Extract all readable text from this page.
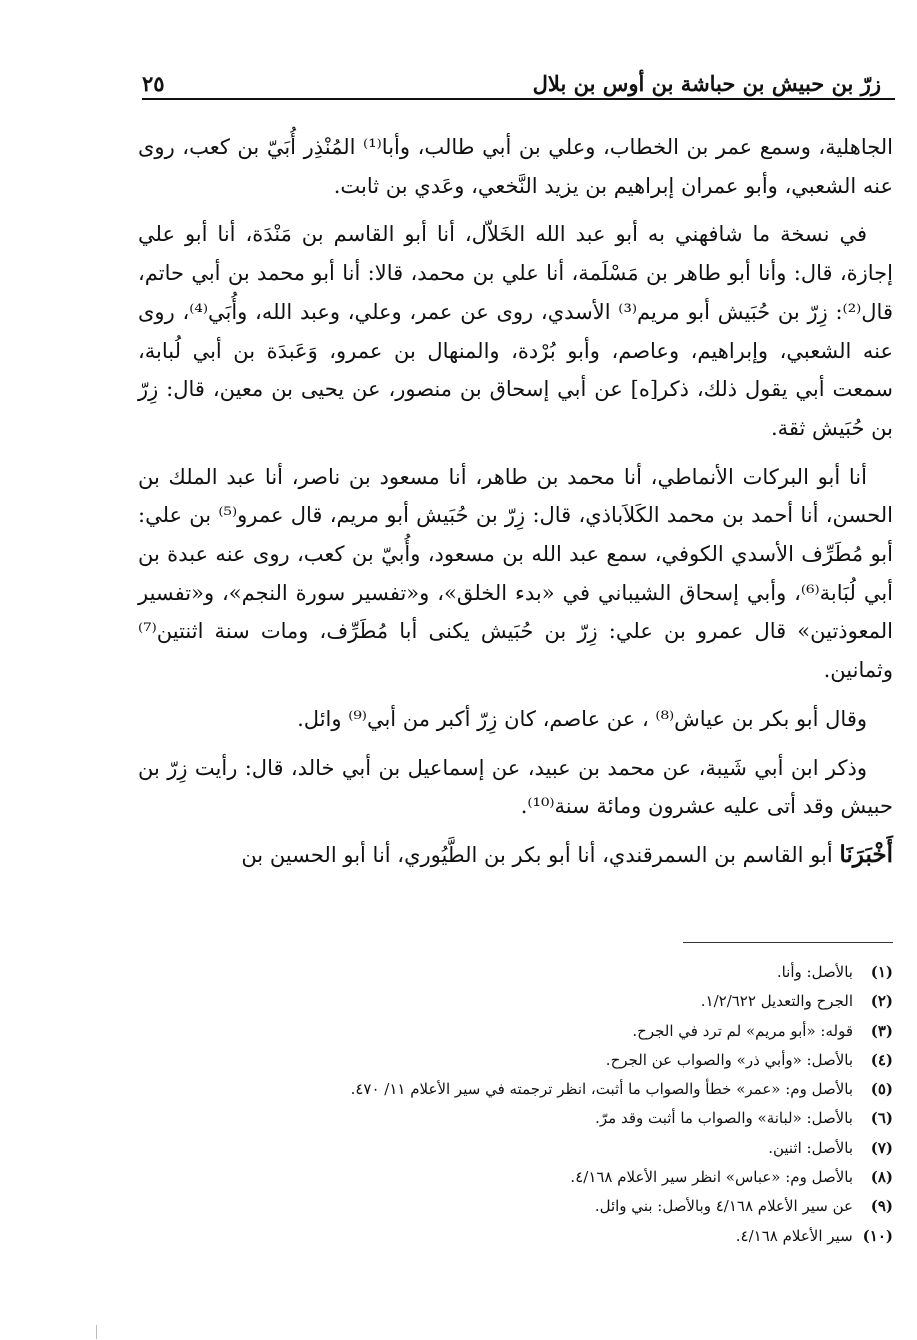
زرّ بن حبيش بن حباشة بن أوس بن بلال
٢٥

الجاهلية، وسمع عمر بن الخطاب، وعلي بن أبي طالب، وأبا⁽¹⁾ المُنْذِر أُبَيّ بن كعب، روى عنه الشعبي، وأبو عمران إبراهيم بن يزيد النَّخعي، وعَدي بن ثابت.

في نسخة ما شافهني به أبو عبد الله الخَلاّل، أنا أبو القاسم بن مَنْدَة، أنا أبو علي إجازة، قال: وأنا أبو طاهر بن مَسْلَمة، أنا علي بن محمد، قالا: أنا أبو محمد بن أبي حاتم، قال⁽²⁾: زِرّ بن حُبَيش أبو مريم⁽³⁾ الأسدي، روى عن عمر، وعلي، وعبد الله، وأُبَي⁽⁴⁾، روى عنه الشعبي، وإبراهيم، وعاصم، وأبو بُرْدة، والمنهال بن عمرو، وَعَبدَة بن أبي لُبابة، سمعت أبي يقول ذلك، ذكر[ه] عن أبي إسحاق بن منصور، عن يحيى بن معين، قال: زِرّ بن حُبَيش ثقة.

أنا أبو البركات الأنماطي، أنا محمد بن طاهر، أنا مسعود بن ناصر، أنا عبد الملك بن الحسن، أنا أحمد بن محمد الكَلاَباذي، قال: زِرّ بن حُبَيش أبو مريم، قال عمرو⁽⁵⁾ بن علي: أبو مُطَرِّف الأسدي الكوفي، سمع عبد الله بن مسعود، وأُبيّ بن كعب، روى عنه عبدة بن أبي لُبَابة⁽⁶⁾، وأبي إسحاق الشيباني في «بدء الخلق»، و«تفسير سورة النجم»، و«تفسير المعوذتين» قال عمرو بن علي: زِرّ بن حُبَيش يكنى أبا مُطَرِّف، ومات سنة اثنتين⁽⁷⁾ وثمانين.

وقال أبو بكر بن عياش⁽⁸⁾ ، عن عاصم، كان زِرّ أكبر من أبي⁽⁹⁾ وائل.

وذكر ابن أبي شَيبة، عن محمد بن عبيد، عن إسماعيل بن أبي خالد، قال: رأيت زِرّ بن حبيش وقد أتى عليه عشرون ومائة سنة⁽¹⁰⁾.

أَخْبَرَنَا أبو القاسم بن السمرقندي، أنا أبو بكر بن الطَّيُوري، أنا أبو الحسين بن

(١)
بالأصل: وأنا.
(٢)
الجرح والتعديل ١/٢/٦٢٢.
(٣)
قوله: «أبو مريم» لم ترد في الجرح.
(٤)
بالأصل: «وأبي ذر» والصواب عن الجرح.
(٥)
بالأصل وم: «عمر» خطأ والصواب ما أثبت، انظر ترجمته في سير الأعلام ١١/ ٤٧٠.
(٦)
بالأصل: «لبانة» والصواب ما أثبت وقد مرّ.
(٧)
بالأصل: اثنين.
(٨)
بالأصل وم: «عباس» انظر سير الأعلام ٤/١٦٨.
(٩)
عن سير الأعلام ٤/١٦٨ وبالأصل: بني وائل.
(١٠)
سير الأعلام ٤/١٦٨.
